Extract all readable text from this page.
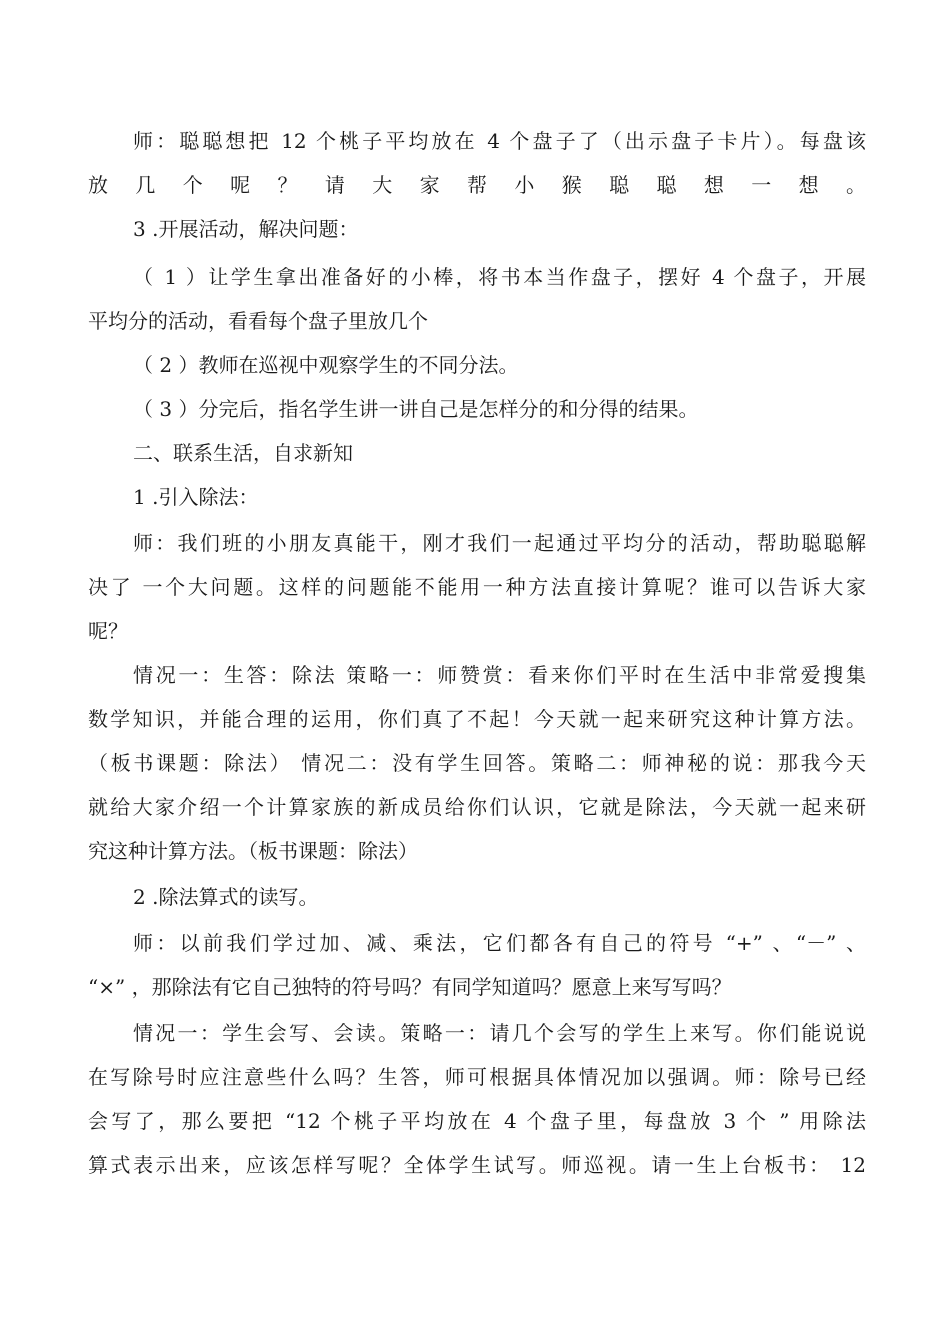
师：聪聪想把 12 个桃子平均放在 4 个盘子了（出示盘子卡片）。每盘该
放几个呢？请大家帮小猴聪聪想一想。
3 .开展活动，解决问题：
（ 1 ）让学生拿出准备好的小棒，将书本当作盘子，摆好 4 个盘子，开展
平均分的活动，看看每个盘子里放几个
（ 2 ）教师在巡视中观察学生的不同分法。
（ 3 ）分完后，指名学生讲一讲自己是怎样分的和分得的结果。
二、联系生活，自求新知
1 .引入除法：
师：我们班的小朋友真能干，刚才我们一起通过平均分的活动，帮助聪聪解
决了 一个大问题。这样的问题能不能用一种方法直接计算呢？谁可以告诉大家
呢？
情况一：生答：除法 策略一：师赞赏：看来你们平时在生活中非常爱搜集
数学知识，并能合理的运用，你们真了不起！今天就一起来研究这种计算方法。
（板书课题：除法） 情况二：没有学生回答。策略二：师神秘的说：那我今天
就给大家介绍一个计算家族的新成员给你们认识，它就是除法，今天就一起来研
究这种计算方法。（板书课题：除法）
2 .除法算式的读写。
师：以前我们学过加、减、乘法，它们都各有自己的符号 “+” 、“－” 、
“×” ，那除法有它自己独特的符号吗？有同学知道吗？愿意上来写写吗？
情况一：学生会写、会读。策略一：请几个会写的学生上来写。你们能说说
在写除号时应注意些什么吗？生答，师可根据具体情况加以强调。师：除号已经
会写了，那么要把 “12 个桃子平均放在 4 个盘子里，每盘放 3 个 ” 用除法
算式表示出来，应该怎样写呢？全体学生试写。师巡视。请一生上台板书： 12
